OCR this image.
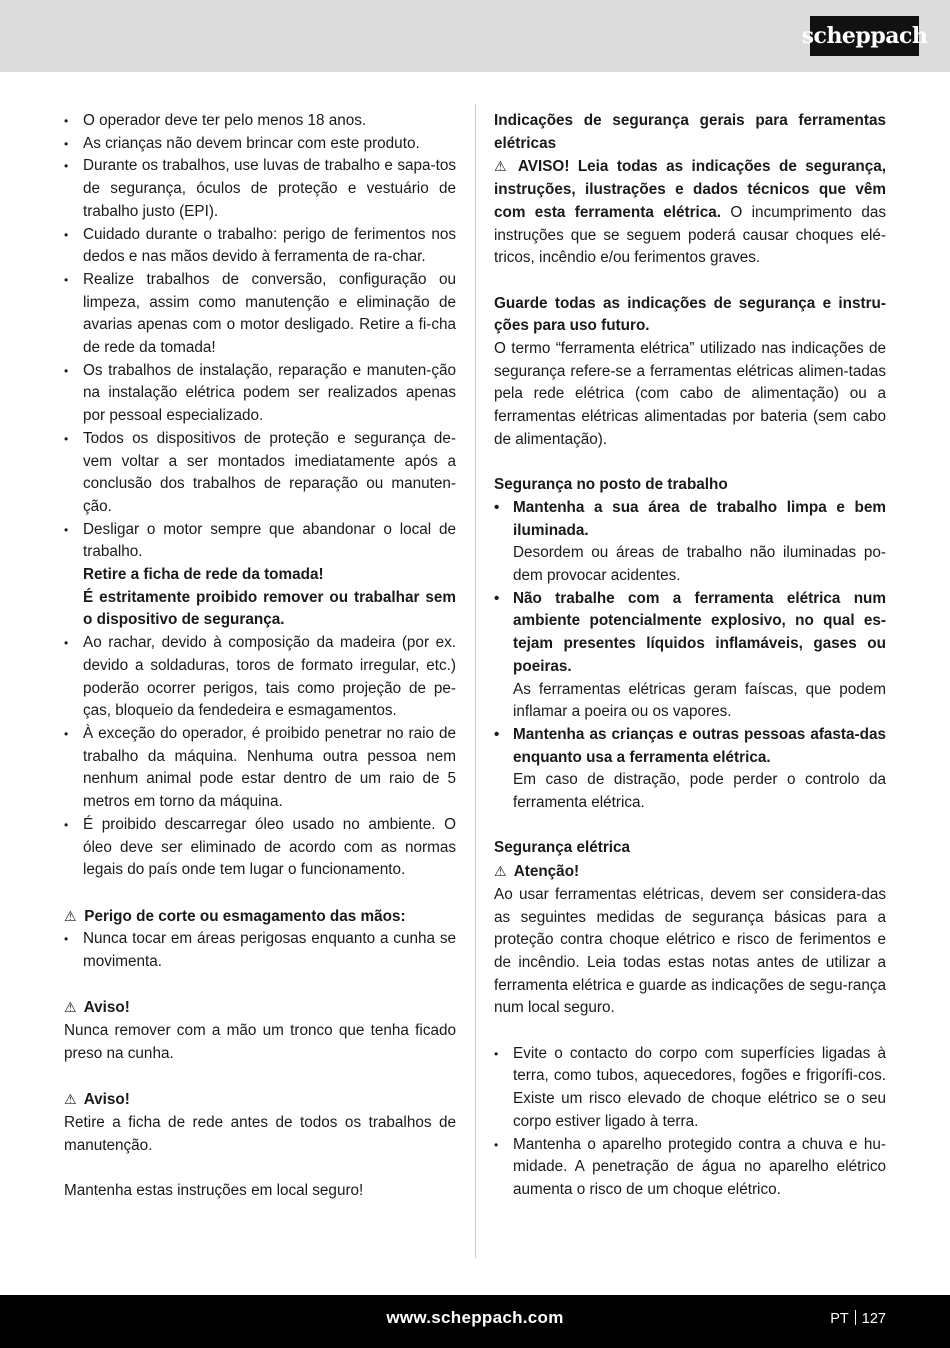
scheppach
• O operador deve ter pelo menos 18 anos.
• As crianças não devem brincar com este produto.
• Durante os trabalhos, use luvas de trabalho e sapa-tos de segurança, óculos de proteção e vestuário de trabalho justo (EPI).
• Cuidado durante o trabalho: perigo de ferimentos nos dedos e nas mãos devido à ferramenta de ra-char.
• Realize trabalhos de conversão, configuração ou limpeza, assim como manutenção e eliminação de avarias apenas com o motor desligado. Retire a fi-cha de rede da tomada!
• Os trabalhos de instalação, reparação e manuten-ção na instalação elétrica podem ser realizados apenas por pessoal especializado.
• Todos os dispositivos de proteção e segurança de-vem voltar a ser montados imediatamente após a conclusão dos trabalhos de reparação ou manuten-ção.
• Desligar o motor sempre que abandonar o local de trabalho.
Retire a ficha de rede da tomada!
É estritamente proibido remover ou trabalhar sem o dispositivo de segurança.
• Ao rachar, devido à composição da madeira (por ex. devido a soldaduras, toros de formato irregular, etc.) poderão ocorrer perigos, tais como projeção de pe-ças, bloqueio da fendedeira e esmagamentos.
• À exceção do operador, é proibido penetrar no raio de trabalho da máquina. Nenhuma outra pessoa nem nenhum animal pode estar dentro de um raio de 5 metros em torno da máquina.
• É proibido descarregar óleo usado no ambiente. O óleo deve ser eliminado de acordo com as normas legais do país onde tem lugar o funcionamento.

⚠ Perigo de corte ou esmagamento das mãos:

• Nunca tocar em áreas perigosas enquanto a cunha se movimenta.

⚠ Aviso!

Nunca remover com a mão um tronco que tenha ficado preso na cunha.

⚠ Aviso!

Retire a ficha de rede antes de todos os trabalhos de manutenção.

Mantenha estas instruções em local seguro!

Indicações de segurança gerais para ferramentas elétricas

⚠ AVISO! Leia todas as indicações de segurança, instruções, ilustrações e dados técnicos que vêm com esta ferramenta elétrica. O incumprimento das instruções que se seguem poderá causar choques elé-tricos, incêndio e/ou ferimentos graves.

Guarde todas as indicações de segurança e instru-ções para uso futuro.

O termo “ferramenta elétrica” utilizado nas indicações de segurança refere-se a ferramentas elétricas alimen-tadas pela rede elétrica (com cabo de alimentação) ou a ferramentas elétricas alimentadas por bateria (sem cabo de alimentação).

Segurança no posto de trabalho

• Mantenha a sua área de trabalho limpa e bem iluminada.
Desordem ou áreas de trabalho não iluminadas po-dem provocar acidentes.
• Não trabalhe com a ferramenta elétrica num ambiente potencialmente explosivo, no qual es-tejam presentes líquidos inflamáveis, gases ou poeiras.
As ferramentas elétricas geram faíscas, que podem inflamar a poeira ou os vapores.
• Mantenha as crianças e outras pessoas afasta-das enquanto usa a ferramenta elétrica.
Em caso de distração, pode perder o controlo da ferramenta elétrica.

Segurança elétrica

⚠ Atenção!

Ao usar ferramentas elétricas, devem ser considera-das as seguintes medidas de segurança básicas para a proteção contra choque elétrico e risco de ferimentos e de incêndio. Leia todas estas notas antes de utilizar a ferramenta elétrica e guarde as indicações de segu-rança num local seguro.

• Evite o contacto do corpo com superfícies ligadas à terra, como tubos, aquecedores, fogões e frigorífi-cos. Existe um risco elevado de choque elétrico se o seu corpo estiver ligado à terra.
• Mantenha o aparelho protegido contra a chuva e hu-midade. A penetração de água no aparelho elétrico aumenta o risco de um choque elétrico.
www.scheppach.com	PT 127
